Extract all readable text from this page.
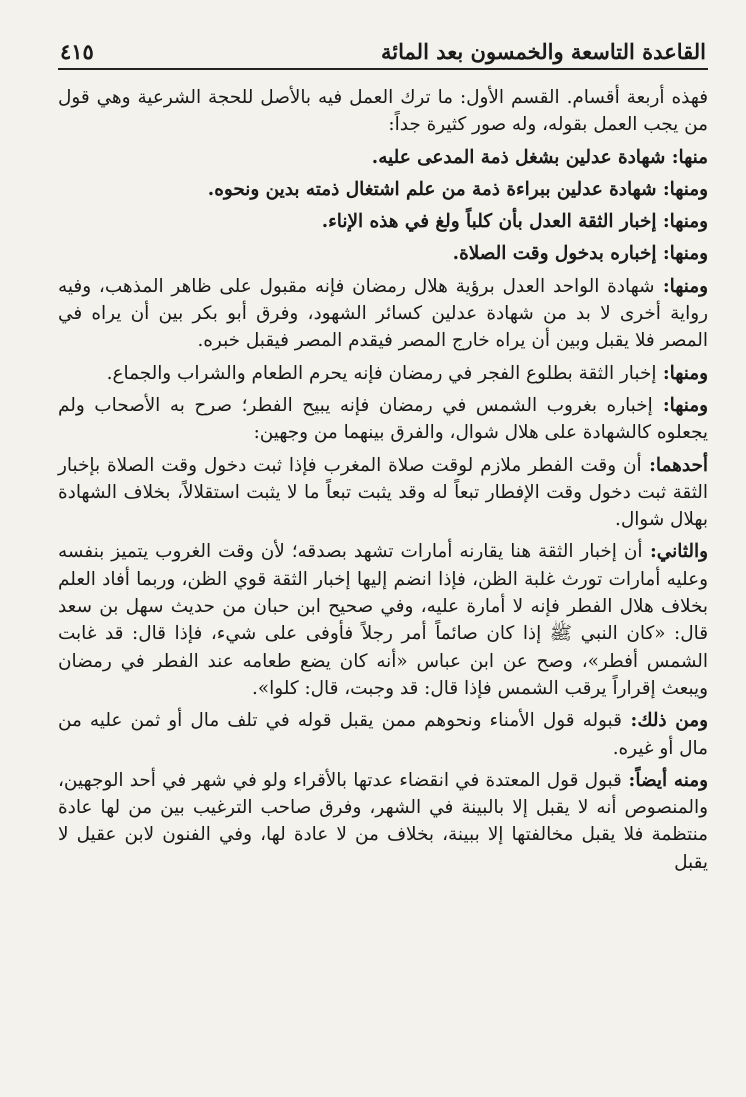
القاعدة التاسعة والخمسون بعد المائة
٤١٥

فهذه أربعة أقسام. القسم الأول: ما ترك العمل فيه بالأصل للحجة الشرعية وهي قول من يجب العمل بقوله، وله صور كثيرة جداً:

منها: شهادة عدلين بشغل ذمة المدعى عليه.

ومنها: شهادة عدلين ببراءة ذمة من علم اشتغال ذمته بدين ونحوه.

ومنها: إخبار الثقة العدل بأن كلباً ولغ في هذه الإناء.

ومنها: إخباره بدخول وقت الصلاة.

ومنها: شهادة الواحد العدل برؤية هلال رمضان فإنه مقبول على ظاهر المذهب، وفيه رواية أخرى لا بد من شهادة عدلين كسائر الشهود، وفرق أبو بكر بين أن يراه في المصر فلا يقبل وبين أن يراه خارج المصر فيقدم المصر فيقبل خبره.

ومنها: إخبار الثقة بطلوع الفجر في رمضان فإنه يحرم الطعام والشراب والجماع.

ومنها: إخباره بغروب الشمس في رمضان فإنه يبيح الفطر؛ صرح به الأصحاب ولم يجعلوه كالشهادة على هلال شوال، والفرق بينهما من وجهين:

أحدهما: أن وقت الفطر ملازم لوقت صلاة المغرب فإذا ثبت دخول وقت الصلاة بإخبار الثقة ثبت دخول وقت الإفطار تبعاً له وقد يثبت تبعاً ما لا يثبت استقلالاً، بخلاف الشهادة بهلال شوال.

والثاني: أن إخبار الثقة هنا يقارنه أمارات تشهد بصدقه؛ لأن وقت الغروب يتميز بنفسه وعليه أمارات تورث غلبة الظن، فإذا انضم إليها إخبار الثقة قوي الظن، وربما أفاد العلم بخلاف هلال الفطر فإنه لا أمارة عليه، وفي صحيح ابن حبان من حديث سهل بن سعد قال: «كان النبي ﷺ إذا كان صائماً أمر رجلاً فأوفى على شيء، فإذا قال: قد غابت الشمس أفطر»، وصح عن ابن عباس «أنه كان يضع طعامه عند الفطر في رمضان ويبعث إقراراً يرقب الشمس فإذا قال: قد وجبت، قال: كلوا».

ومن ذلك: قبوله قول الأمناء ونحوهم ممن يقبل قوله في تلف مال أو ثمن عليه من مال أو غيره.

ومنه أيضاً: قبول قول المعتدة في انقضاء عدتها بالأقراء ولو في شهر في أحد الوجهين، والمنصوص أنه لا يقبل إلا بالبينة في الشهر، وفرق صاحب الترغيب بين من لها عادة منتظمة فلا يقبل مخالفتها إلا ببينة، بخلاف من لا عادة لها، وفي الفنون لابن عقيل لا يقبل
